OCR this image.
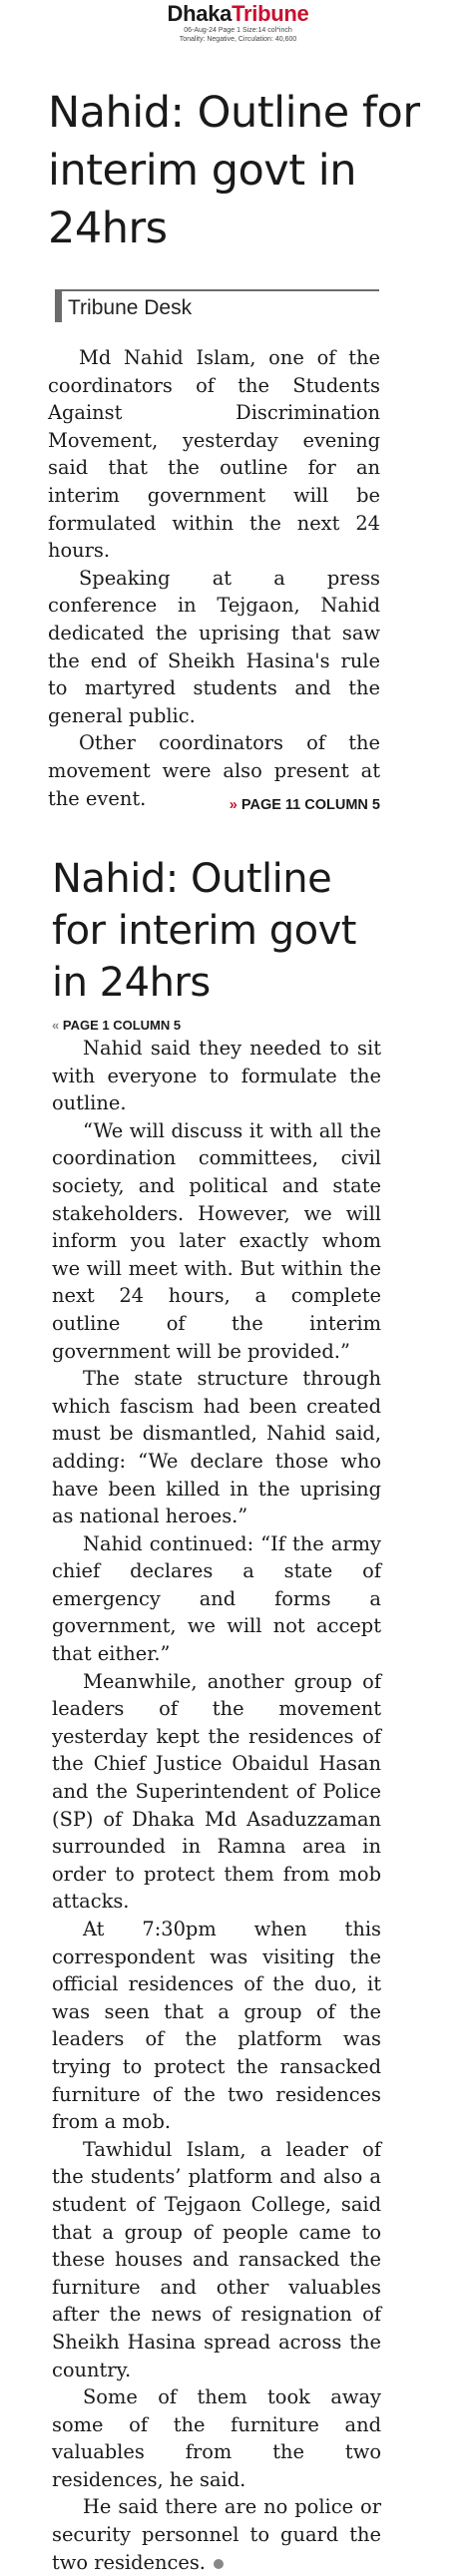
DhakaTribune
06-Aug-24 Page 1 Size:14 col*inch
Tonality: Negative, Circulation: 40,600
Nahid: Outline for interim govt in 24hrs
Tribune Desk

Md Nahid Islam, one of the coordinators of the Students Against Discrimination Movement, yesterday evening said that the outline for an interim government will be formulated within the next 24 hours.

Speaking at a press conference in Tejgaon, Nahid dedicated the uprising that saw the end of Sheikh Hasina's rule to martyred students and the general public.

Other coordinators of the movement were also present at the event.	» PAGE 11 COLUMN 5
Nahid: Outline for interim govt in 24hrs
« PAGE 1 COLUMN 5

Nahid said they needed to sit with everyone to formulate the outline.

“We will discuss it with all the coordination committees, civil society, and political and state stakeholders. However, we will inform you later exactly whom we will meet with. But within the next 24 hours, a complete outline of the interim government will be provided.”

The state structure through which fascism had been created must be dismantled, Nahid said, adding: “We declare those who have been killed in the uprising as national heroes.”

Nahid continued: “If the army chief declares a state of emergency and forms a government, we will not accept that either.”

Meanwhile, another group of leaders of the movement yesterday kept the residences of the Chief Justice Obaidul Hasan and the Superintendent of Police (SP) of Dhaka Md Asaduzzaman surrounded in Ramna area in order to protect them from mob attacks.

At 7:30pm when this correspondent was visiting the official residences of the duo, it was seen that a group of the leaders of the platform was trying to protect the ransacked furniture of the two residences from a mob.

Tawhidul Islam, a leader of the students’ platform and also a student of Tejgaon College, said that a group of people came to these houses and ransacked the furniture and other valuables after the news of resignation of Sheikh Hasina spread across the country.

Some of them took away some of the furniture and valuables from the two residences, he said.

He said there are no police or security personnel to guard the two residences.
